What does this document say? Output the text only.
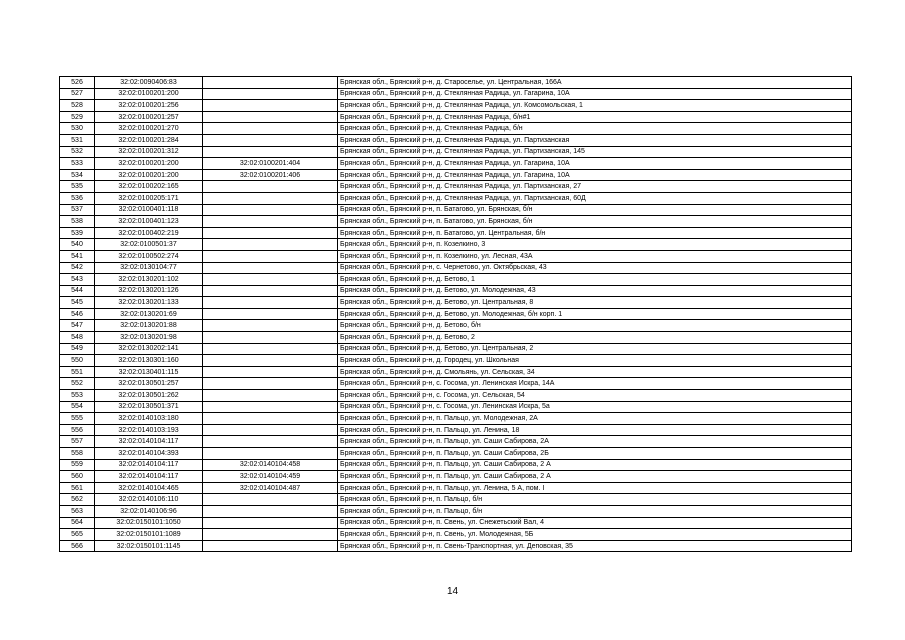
526	32:02:0090406:83		Брянская обл., Брянский р-н, д. Староселье, ул. Центральная, 166А
527	32:02:0100201:200		Брянская обл., Брянский р-н, д. Стеклянная Радица, ул. Гагарина, 10А
528	32:02:0100201:256		Брянская обл., Брянский р-н, д. Стеклянная Радица, ул. Комсомольская, 1
529	32:02:0100201:257		Брянская обл., Брянский р-н, д. Стеклянная Радица, б/н#1
530	32:02:0100201:270		Брянская обл., Брянский р-н, д. Стеклянная Радица, б/н
531	32:02:0100201:284		Брянская обл., Брянский р-н, д. Стеклянная Радица, ул. Партизанская
532	32:02:0100201:312		Брянская обл., Брянский р-н, д. Стеклянная Радица, ул. Партизанская, 145
533	32:02:0100201:200	32:02:0100201:404	Брянская обл., Брянский р-н, д. Стеклянная Радица, ул. Гагарина, 10А
534	32:02:0100201:200	32:02:0100201:406	Брянская обл., Брянский р-н, д. Стеклянная Радица, ул. Гагарина, 10А
535	32:02:0100202:165		Брянская обл., Брянский р-н, д. Стеклянная Радица, ул. Партизанская, 27
536	32:02:0100205:171		Брянская обл., Брянский р-н, д. Стеклянная Радица, ул. Партизанская, 60Д
537	32:02:0100401:118		Брянская обл., Брянский р-н, п. Батагово, ул. Брянская, б/н
538	32:02:0100401:123		Брянская обл., Брянский р-н, п. Батагово, ул. Брянская, б/н
539	32:02:0100402:219		Брянская обл., Брянский р-н, п. Батагово, ул. Центральная, б/н
540	32:02:0100501:37		Брянская обл., Брянский р-н, п. Козелкино, 3
541	32:02:0100502:274		Брянская обл., Брянский р-н, п. Козелкино, ул. Лесная, 43А
542	32:02:0130104:77		Брянская обл., Брянский р-н, с. Чернетово, ул. Октябрьская, 43
543	32:02:0130201:102		Брянская обл., Брянский р-н, д. Бетово, 1
544	32:02:0130201:126		Брянская обл., Брянский р-н, д. Бетово, ул. Молодежная, 43
545	32:02:0130201:133		Брянская обл., Брянский р-н, д. Бетово, ул. Центральная, 8
546	32:02:0130201:69		Брянская обл., Брянский р-н, д. Бетово, ул. Молодежная, б/н корп. 1
547	32:02:0130201:88		Брянская обл., Брянский р-н, д. Бетово, б/н
548	32:02:0130201:98		Брянская обл., Брянский р-н, д. Бетово, 2
549	32:02:0130202:141		Брянская обл., Брянский р-н, д. Бетово, ул. Центральная, 2
550	32:02:0130301:160		Брянская обл., Брянский р-н, д. Городец, ул. Школьная
551	32:02:0130401:115		Брянская обл., Брянский р-н, д. Смольянь, ул. Сельская, 34
552	32:02:0130501:257		Брянская обл., Брянский р-н, с. Госома, ул. Ленинская Искра, 14А
553	32:02:0130501:262		Брянская обл., Брянский р-н, с. Госома, ул. Сельская, 54
554	32:02:0130501:371		Брянская обл., Брянский р-н, с. Госома, ул. Ленинская Искра, 5а
555	32:02:0140103:180		Брянская обл., Брянский р-н, п. Пальцо, ул. Молодежная, 2А
556	32:02:0140103:193		Брянская обл., Брянский р-н, п. Пальцо, ул. Ленина, 18
557	32:02:0140104:117		Брянская обл., Брянский р-н, п. Пальцо, ул. Саши Сабирова, 2А
558	32:02:0140104:393		Брянская обл., Брянский р-н, п. Пальцо, ул. Саши Сабирова, 2Б
559	32:02:0140104:117	32:02:0140104:458	Брянская обл., Брянский р-н, п. Пальцо, ул. Саши Сабирова, 2 А
560	32:02:0140104:117	32:02:0140104:459	Брянская обл., Брянский р-н, п. Пальцо, ул. Саши Сабирова, 2 А
561	32:02:0140104:465	32:02:0140104:487	Брянская обл., Брянский р-н, п. Пальцо, ул. Ленина, 5 А, пом. I
562	32:02:0140106:110		Брянская обл., Брянский р-н, п. Пальцо, б/н
563	32:02:0140106:96		Брянская обл., Брянский р-н, п. Пальцо, б/н
564	32:02:0150101:1050		Брянская обл., Брянский р-н, п. Свень, ул. Снежетьский Вал, 4
565	32:02:0150101:1089		Брянская обл., Брянский р-н, п. Свень, ул. Молодежная, 5Б
566	32:02:0150101:1145		Брянская обл., Брянский р-н, п. Свень-Транспортная, ул. Деповская, 35
14
